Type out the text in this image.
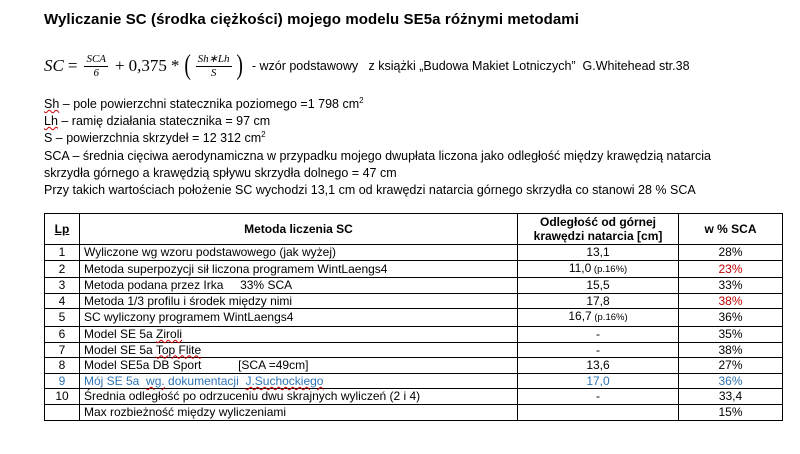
Wyliczanie SC (środka ciężkości) mojego modelu SE5a różnymi metodami
SC = $\frac{\text{SCA}}{6} + 0,375$ * ( $\frac{Sh∗Lh}{S}$ ) - wzór podstawowy   z książki „Budowa Makiet Lotniczych”  G.Whitehead str.38
Sh – pole powierzchni statecznika poziomego =1 798 $cm^2$
Lh – ramię działania statecznika = 97 cm
S – powierzchnia skrzydeł = 12 312 $cm^2$
SCA – średnia cięciwa aerodynamiczna w przypadku mojego dwupłata liczona jako odległość między krawędzią natarcia
skrzydła górnego a krawędzią spływu skrzydła dolnego = 47 cm
Przy takich wartościach położenie SC wychodzi 13,1 cm od krawędzi natarcia górnego skrzydła co stanowi 28 % SCA
Lp	Metoda liczenia SC	Odległość od górnej
krawędzi natarcia [cm]	w % SCA
1	Wyliczone wg wzoru podstawowego (jak wyżej)	13,1	28%
2	Metoda superpozycji sił liczona programem WintLaengs4	11,0 (p.16%)	23%
3	Metoda podana przez Irka     33% SCA	15,5	33%
4	Metoda 1/3 profilu i środek między nimi	17,8	38%
5	SC wyliczony programem WintLaengs4	16,7 (p.16%)	36%
6	Model SE 5a Ziroli	-	35%
7	Model SE 5a Top Flite	-	38%
8	Model SE5a DB Sport           [SCA =49cm]	13,6	27%
9	Mój SE 5a  wg. dokumentacji  J.Suchockiego	17,0	36%
10	Średnia odległość po odrzuceniu dwu skrajnych wyliczeń (2 i 4)	-	33,4
	Max rozbieżność między wyliczeniami		15%
